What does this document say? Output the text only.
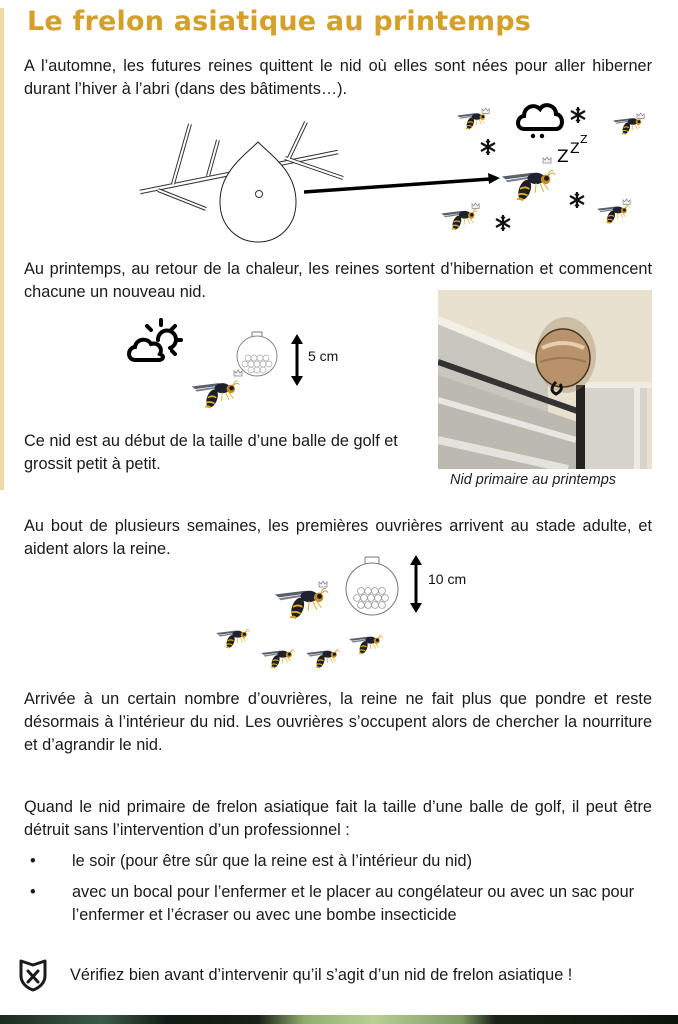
Le frelon asiatique au printemps

A l’automne, les futures reines quittent le nid où elles sont nées pour aller hiberner durant l’hiver à l’abri (dans des bâtiments…).

Z Z
Z

Au printemps, au retour de la chaleur, les reines sortent d’hibernation et commencent chacune un nouveau nid.

5 cm
Nid primaire au printemps

Ce nid est au début de la taille d’une balle de golf et grossit petit à petit.

Au bout de plusieurs semaines, les premières ouvrières arrivent au stade adulte, et aident alors la reine.

10 cm

Arrivée à un certain nombre d’ouvrières, la reine ne fait plus que pondre et reste désormais à l’intérieur du nid. Les ouvrières s’occupent alors de chercher la nourriture et d’agrandir le nid.

Quand le nid primaire de frelon asiatique fait la taille d’une balle de golf, il peut être détruit sans l’intervention d’un professionnel :

• le soir (pour être sûr que la reine est à l’intérieur du nid)
• avec un bocal pour l’enfermer et le placer au congélateur ou avec un sac pour l’enfermer et l’écraser ou avec une bombe insecticide
Vérifiez bien avant d’intervenir qu’il s’agit d’un nid de frelon asiatique !
